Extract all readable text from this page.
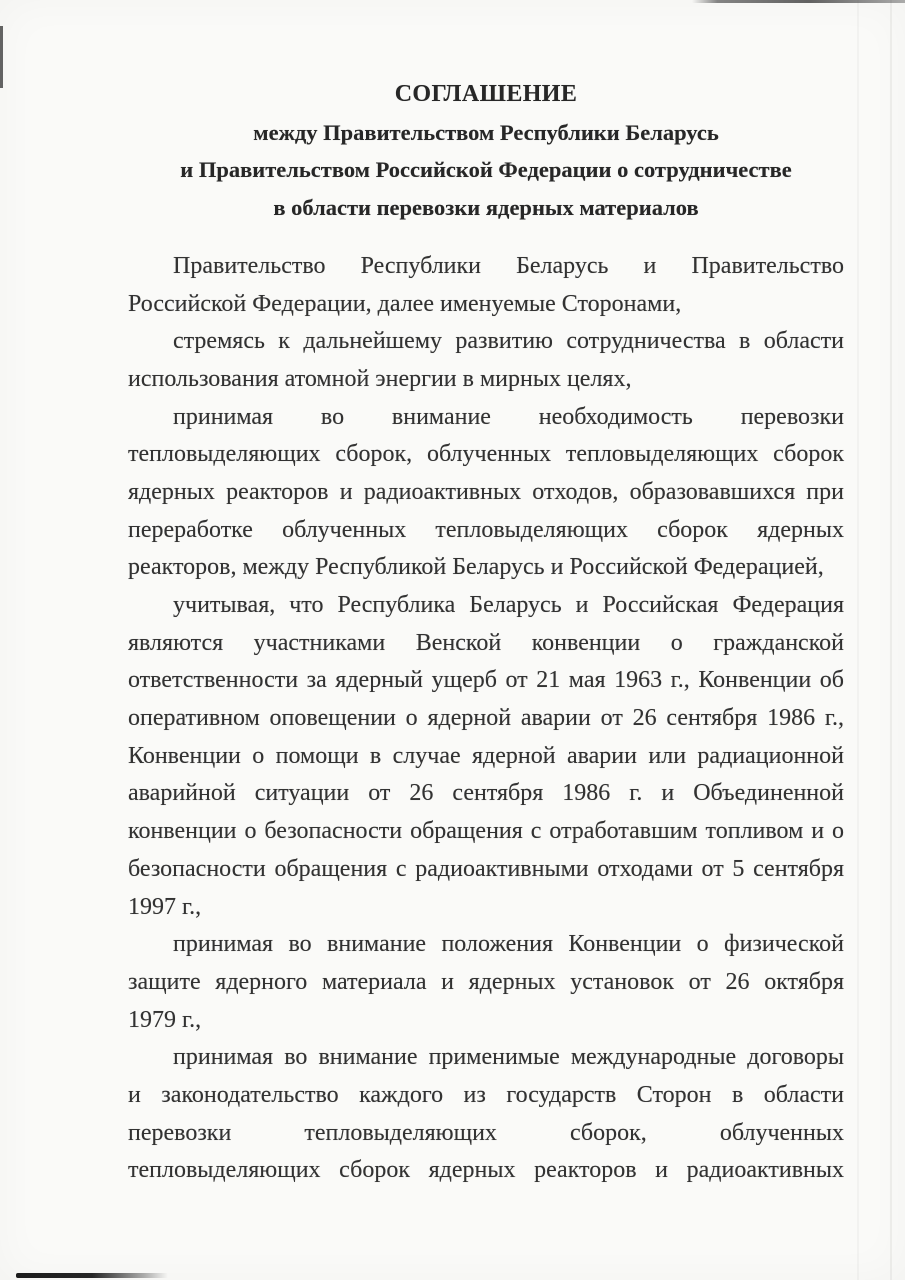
СОГЛАШЕНИЕ
между Правительством Республики Беларусь
и Правительством Российской Федерации о сотрудничестве
в области перевозки ядерных материалов
Правительство Республики Беларусь и Правительство
Российской Федерации, далее именуемые Сторонами,
стремясь к дальнейшему развитию сотрудничества в области
использования атомной энергии в мирных целях,
принимая во внимание необходимость перевозки
тепловыделяющих сборок, облученных тепловыделяющих сборок
ядерных реакторов и радиоактивных отходов, образовавшихся при
переработке облученных тепловыделяющих сборок ядерных
реакторов, между Республикой Беларусь и Российской Федерацией,
учитывая, что Республика Беларусь и Российская Федерация
являются участниками Венской конвенции о гражданской
ответственности за ядерный ущерб от 21 мая 1963 г., Конвенции об
оперативном оповещении о ядерной аварии от 26 сентября 1986 г.,
Конвенции о помощи в случае ядерной аварии или радиационной
аварийной ситуации от 26 сентября 1986 г. и Объединенной
конвенции о безопасности обращения с отработавшим топливом и о
безопасности обращения с радиоактивными отходами от 5 сентября
1997 г.,
принимая во внимание положения Конвенции о физической
защите ядерного материала и ядерных установок от 26 октября
1979 г.,
принимая во внимание применимые международные договоры
и законодательство каждого из государств Сторон в области
перевозки тепловыделяющих сборок, облученных
тепловыделяющих сборок ядерных реакторов и радиоактивных
